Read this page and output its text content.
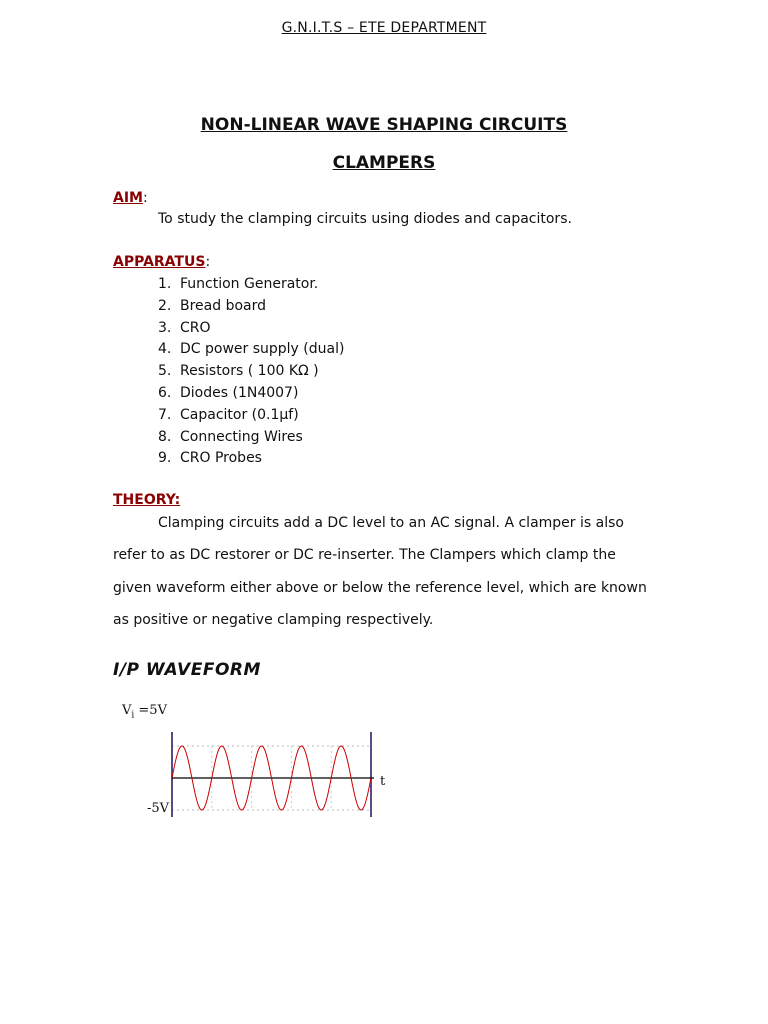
G.N.I.T.S – ETE DEPARTMENT
NON-LINEAR WAVE SHAPING CIRCUITS
CLAMPERS
AIM:
To study the clamping circuits using diodes and capacitors.
APPARATUS:
1. Function Generator.
2. Bread board
3. CRO
4. DC power supply (dual)
5. Resistors ( 100 KΩ )
6. Diodes (1N4007)
7. Capacitor (0.1µf)
8. Connecting Wires
9. CRO Probes
THEORY:
Clamping circuits add a DC level to an AC signal. A clamper is also
refer to as DC restorer or DC re-inserter. The Clampers which clamp the
given waveform either above or below the reference level, which are known
as positive or negative clamping respectively.
I/P WAVEFORM
$V_i =5V$
-5V
t
